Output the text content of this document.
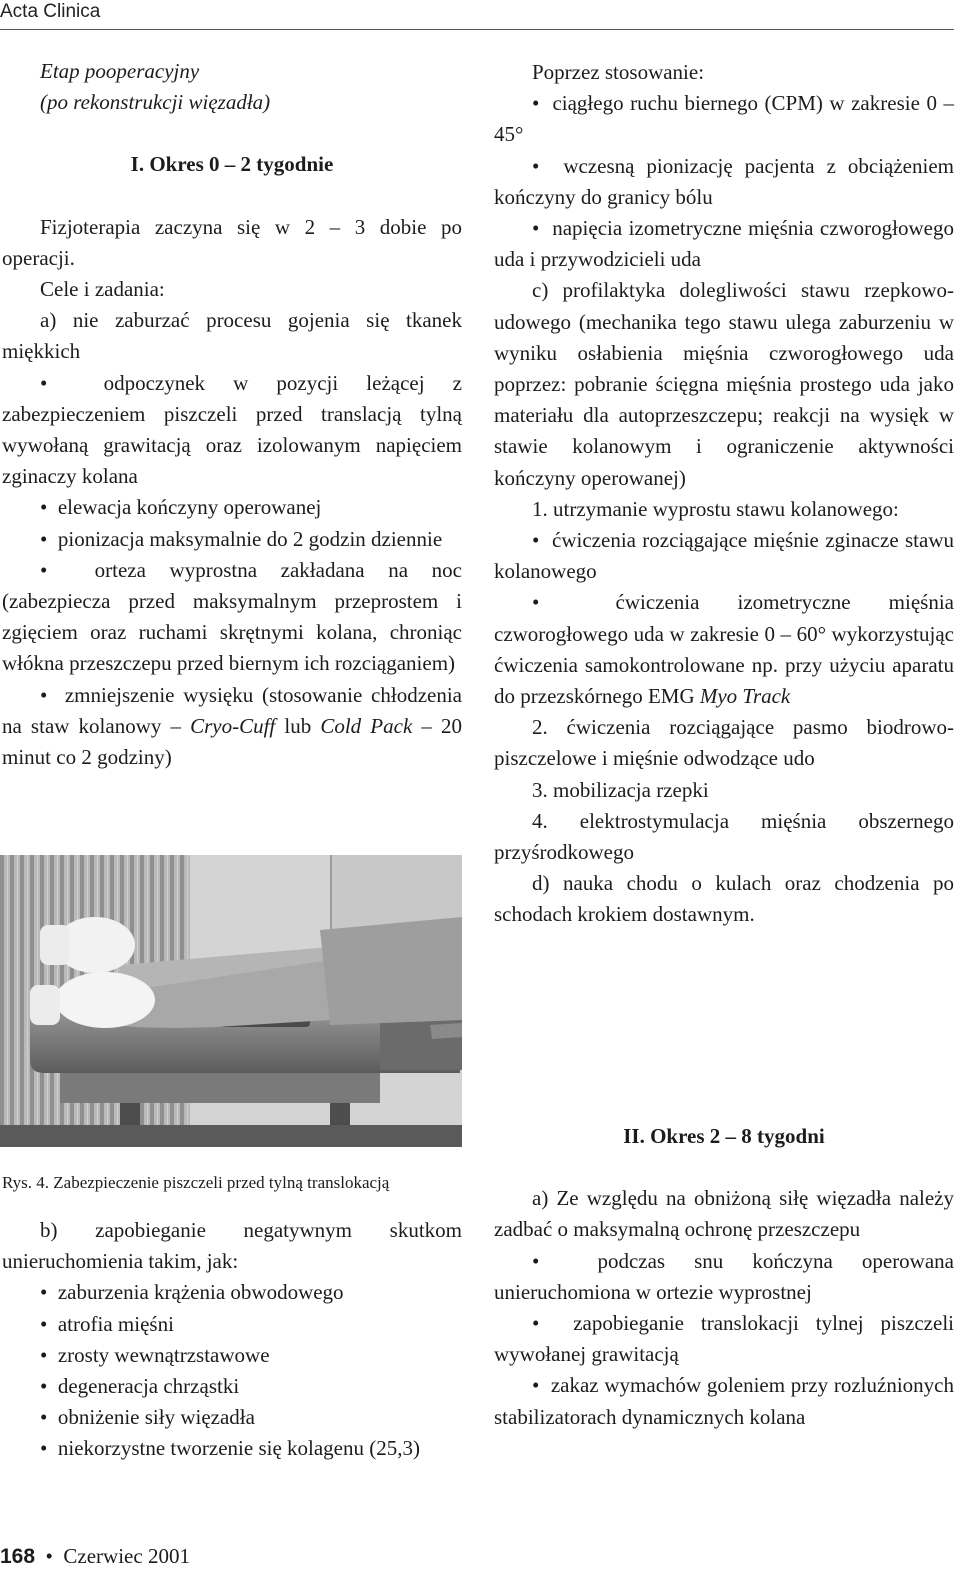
Acta Clinica

Etap pooperacyjny

(po rekonstrukcji więzadła)

I. Okres 0 – 2 tygodnie

Fizjoterapia zaczyna się w 2 – 3 dobie po operacji.

Cele i zadania:

a) nie zaburzać procesu gojenia się tkanek miękkich

•  odpoczynek w pozycji leżącej z zabezpieczeniem piszczeli przed translacją tylną wywołaną grawitacją oraz izolowanym napięciem zginaczy kolana

•  elewacja kończyny operowanej

•  pionizacja maksymalnie do 2 godzin dziennie

•  orteza wyprostna zakładana na noc (zabezpiecza przed maksymalnym przeprostem i zgięciem oraz ruchami skrętnymi kolana, chroniąc włókna przeszczepu przed biernym ich rozciąganiem)

•  zmniejszenie wysięku (stosowanie chłodzenia na staw kolanowy – Cryo-Cuff lub Cold Pack – 20 minut co 2 godziny)

Rys. 4. Zabezpieczenie piszczeli przed tylną translokacją

b) zapobieganie negatywnym skutkom unieruchomienia takim, jak:

•  zaburzenia krążenia obwodowego

•  atrofia mięśni

•  zrosty wewnątrzstawowe

•  degeneracja chrząstki

•  obniżenie siły więzadła

•  niekorzystne tworzenie się kolagenu (25,3)

Poprzez stosowanie:

•  ciągłego ruchu biernego (CPM) w zakresie 0 – 45°

•  wczesną pionizację pacjenta z obciążeniem kończyny do granicy bólu

•  napięcia izometryczne mięśnia czworogłowego uda i przywodzicieli uda

c) profilaktyka dolegliwości stawu rzepkowo-udowego (mechanika tego stawu ulega zaburzeniu w wyniku osłabienia mięśnia czworogłowego uda poprzez: pobranie ścięgna mięśnia prostego uda jako materiału dla autoprzeszczepu; reakcji na wysięk w stawie kolanowym i ograniczenie aktywności kończyny operowanej)

1. utrzymanie wyprostu stawu kolanowego:

•  ćwiczenia rozciągające mięśnie zginacze stawu kolanowego

•  ćwiczenia izometryczne mięśnia czworogłowego uda w zakresie 0 – 60° wykorzystując ćwiczenia samokontrolowane np. przy użyciu aparatu do przezskórnego EMG Myo Track

2. ćwiczenia rozciągające pasmo biodrowo-piszczelowe i mięśnie odwodzące udo

3. mobilizacja rzepki

4. elektrostymulacja mięśnia obszernego przyśrodkowego

d) nauka chodu o kulach oraz chodzenia po schodach krokiem dostawnym.

II. Okres 2 – 8 tygodni

a) Ze względu na obniżoną siłę więzadła należy zadbać o maksymalną ochronę przeszczepu

•  podczas snu kończyna operowana unieruchomiona w ortezie wyprostnej

•  zapobieganie translokacji tylnej piszczeli wywołanej grawitacją

•  zakaz wymachów goleniem przy rozluźnionych stabilizatorach dynamicznych kolana

168  •  Czerwiec 2001
